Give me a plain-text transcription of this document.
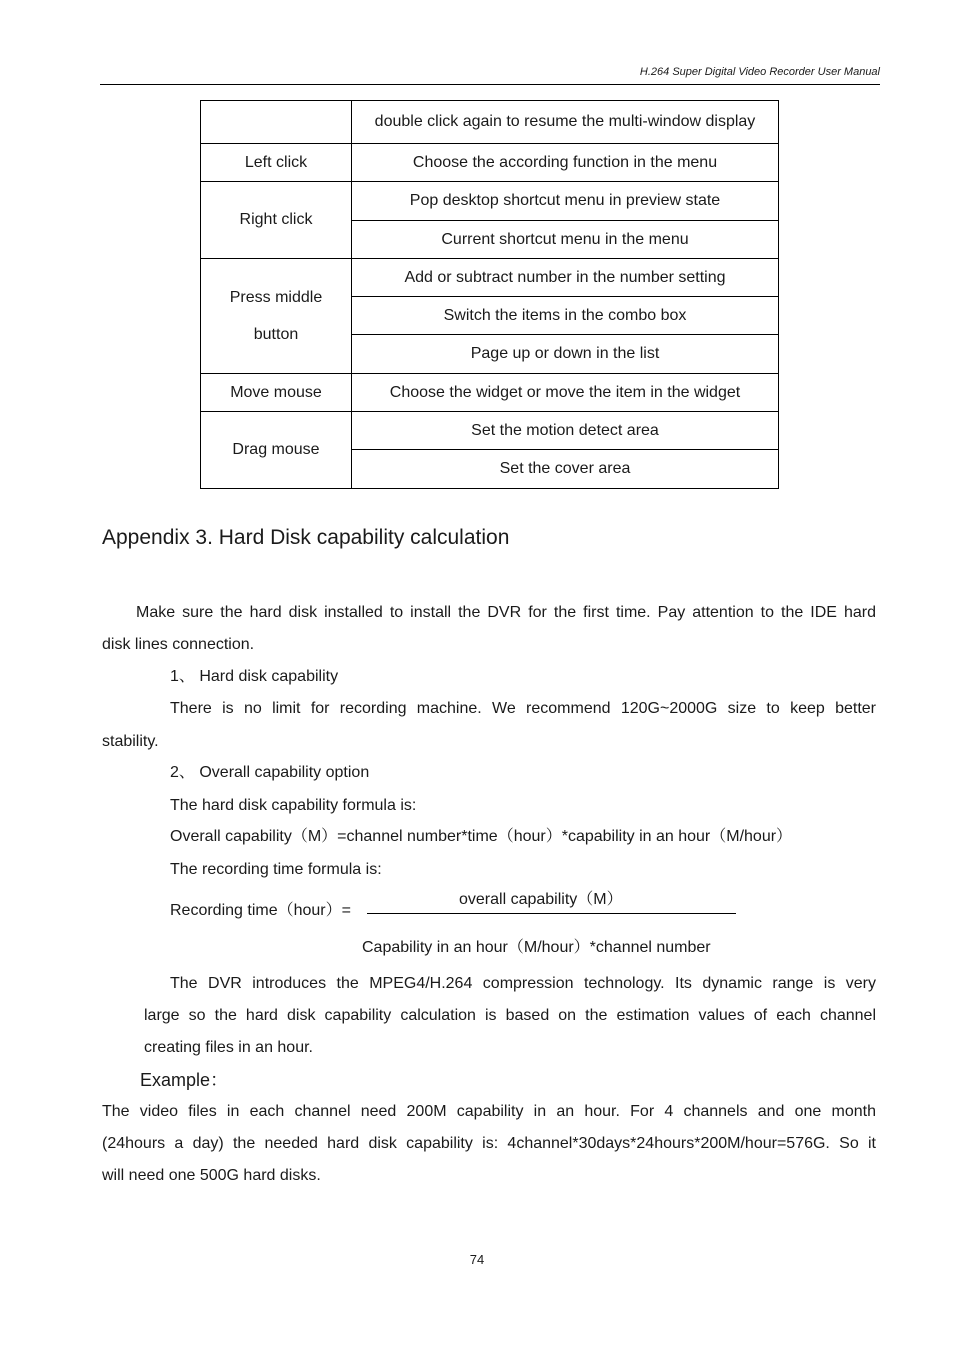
H.264 Super Digital Video Recorder User Manual
	double click again to resume the multi-window display
Left click	Choose the according function in the menu
Right click	Pop desktop shortcut menu in preview state
	Current shortcut menu in the menu

Press middle
button	Add or subtract number in the number setting
	Switch the items in the combo box
	Page up or down in the list
Move mouse	Choose the widget or move the item in the widget
Drag mouse	Set the motion detect area
	Set the cover area
Appendix 3. Hard Disk capability calculation
Make sure the hard disk installed to install the DVR for the first time. Pay attention to the IDE hard
disk lines connection.
1、 Hard disk capability
There is no limit for recording machine. We recommend 120G~2000G size to keep better
stability.
2、 Overall capability option
The hard disk capability formula is:
Overall capability（M）=channel number*time（hour）*capability in an hour（M/hour）
The recording time formula is:
Recording time（hour）=
overall capability（M）
Capability in an hour（M/hour）*channel number
The DVR introduces the MPEG4/H.264 compression technology. Its dynamic range is very
large so the hard disk capability calculation is based on the estimation values of each channel
creating files in an hour.
Example：
The video files in each channel need 200M capability in an hour. For 4 channels and one month
(24hours a day) the needed hard disk capability is: 4channel*30days*24hours*200M/hour=576G. So it
will need one 500G hard disks.
74
